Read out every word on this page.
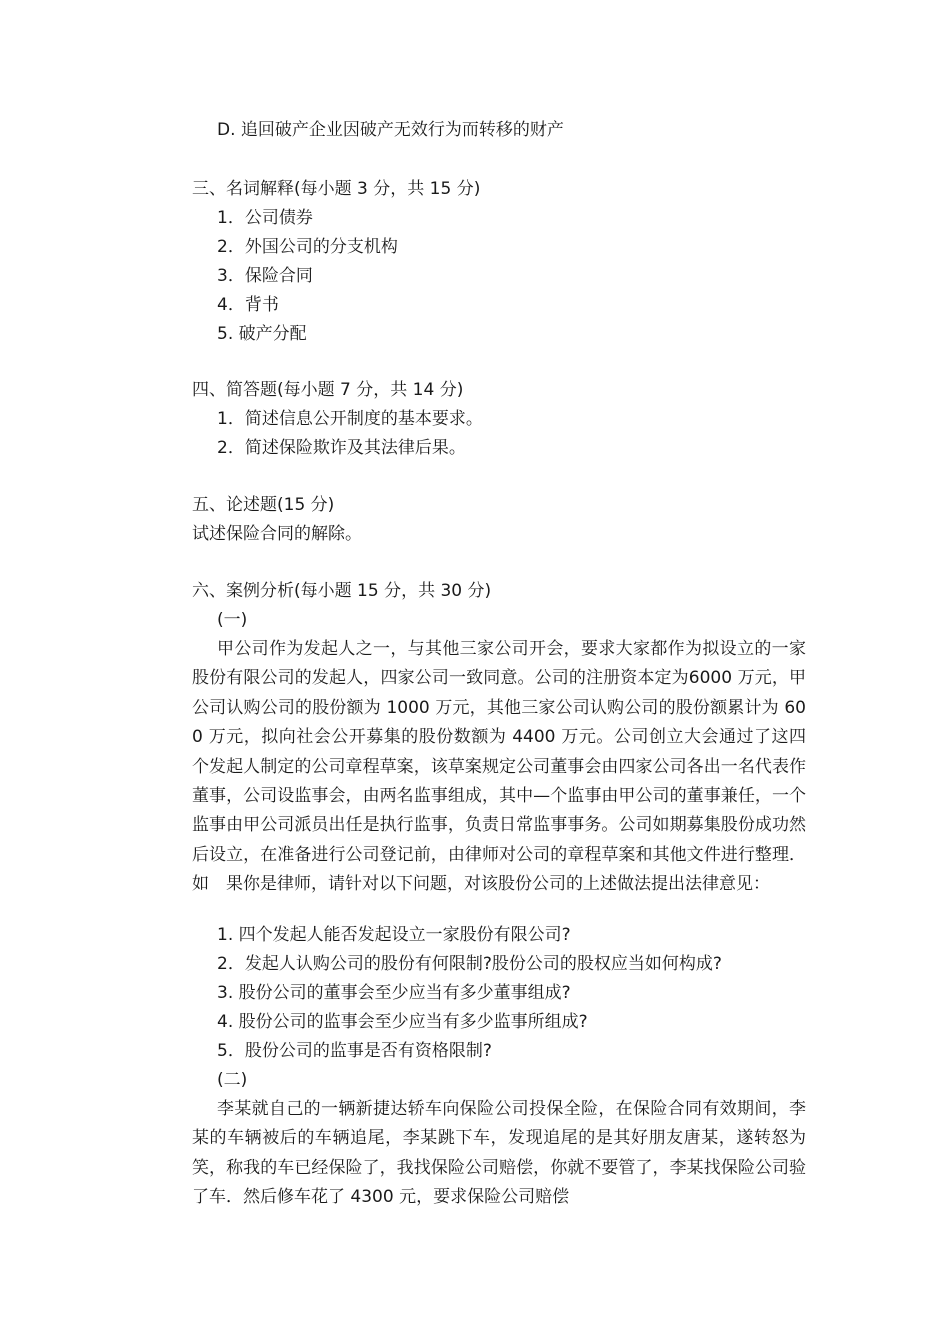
D. 追回破产企业因破产无效行为而转移的财产
三、名词解释(每小题 3 分，共 15 分)
1．公司债券
2．外国公司的分支机构
3．保险合同
4．背书
5. 破产分配
四、简答题(每小题 7 分，共 14 分)
1．简述信息公开制度的基本要求。
2．简述保险欺诈及其法律后果。
五、论述题(15 分)
试述保险合同的解除。
六、案例分析(每小题 15 分，共 30 分)
(一)
甲公司作为发起人之一，与其他三家公司开会，要求大家都作为拟设立的一家股份有限公司的发起人，四家公司一致同意。公司的注册资本定为6000 万元，甲公司认购公司的股份额为 1000 万元，其他三家公司认购公司的股份额累计为 600 万元，拟向社会公开募集的股份数额为 4400 万元。公司创立大会通过了这四个发起人制定的公司章程草案，该草案规定公司董事会由四家公司各出一名代表作董事，公司设监事会，由两名监事组成，其中—个监事由甲公司的董事兼任，一个监事由甲公司派员出任是执行监事，负责日常监事事务。公司如期募集股份成功然后设立，在准备进行公司登记前，由律师对公司的章程草案和其他文件进行整理．如　果你是律师，请针对以下问题，对该股份公司的上述做法提出法律意见：
1. 四个发起人能否发起设立一家股份有限公司?
2．发起人认购公司的股份有何限制?股份公司的股权应当如何构成?
3. 股份公司的董事会至少应当有多少董事组成?
4. 股份公司的监事会至少应当有多少监事所组成?
5．股份公司的监事是否有资格限制?
(二)
李某就自己的一辆新捷达轿车向保险公司投保全险，在保险合同有效期间，李某的车辆被后的车辆追尾，李某跳下车，发现追尾的是其好朋友唐某，遂转怒为笑，称我的车已经保险了，我找保险公司赔偿，你就不要管了，李某找保险公司验了车．然后修车花了 4300 元，要求保险公司赔偿
